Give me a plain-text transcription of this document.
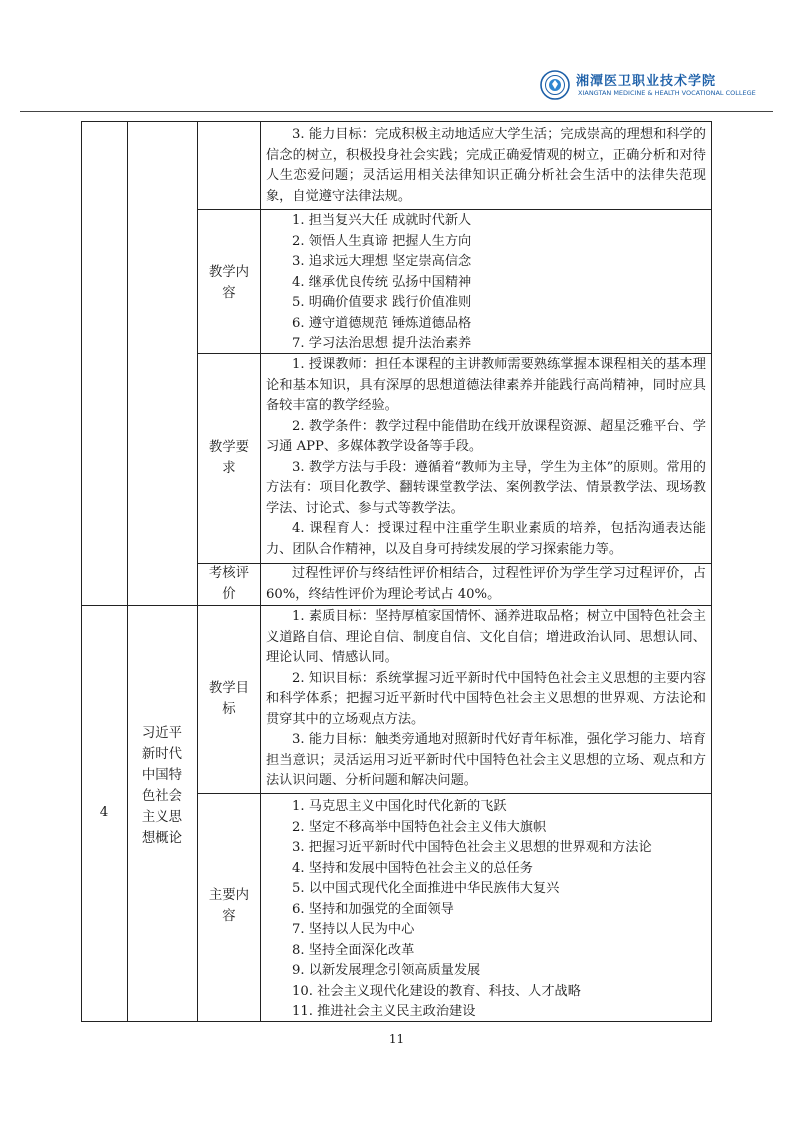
湘潭医卫职业技术学院
XIANGTAN MEDICINE & HEALTH VOCATIONAL COLLEGE
3. 能力目标：完成积极主动地适应大学生活；完成崇高的理想和科学的信念的树立，积极投身社会实践；完成正确爱情观的树立，正确分析和对待人生恋爱问题；灵活运用相关法律知识正确分析社会生活中的法律失范现象，自觉遵守法律法规。
教学内容
1. 担当复兴大任 成就时代新人
2. 领悟人生真谛 把握人生方向
3. 追求远大理想 坚定崇高信念
4. 继承优良传统 弘扬中国精神
5. 明确价值要求 践行价值准则
6. 遵守道德规范 锤炼道德品格
7. 学习法治思想 提升法治素养
教学要求
1. 授课教师：担任本课程的主讲教师需要熟练掌握本课程相关的基本理论和基本知识，具有深厚的思想道德法律素养并能践行高尚精神，同时应具备较丰富的教学经验。
2. 教学条件：教学过程中能借助在线开放课程资源、超星泛雅平台、学习通 APP、多媒体教学设备等手段。
3. 教学方法与手段：遵循着“教师为主导，学生为主体”的原则。常用的方法有：项目化教学、翻转课堂教学法、案例教学法、情景教学法、现场教学法、讨论式、参与式等教学法。
4. 课程育人：授课过程中注重学生职业素质的培养，包括沟通表达能力、团队合作精神，以及自身可持续发展的学习探索能力等。
考核评价
过程性评价与终结性评价相结合，过程性评价为学生学习过程评价，占 60%，终结性评价为理论考试占 40%。
4
习近平新时代中国特色社会主义思想概论
教学目标
1. 素质目标：坚持厚植家国情怀、涵养进取品格；树立中国特色社会主义道路自信、理论自信、制度自信、文化自信；增进政治认同、思想认同、理论认同、情感认同。
2. 知识目标：系统掌握习近平新时代中国特色社会主义思想的主要内容和科学体系；把握习近平新时代中国特色社会主义思想的世界观、方法论和贯穿其中的立场观点方法。
3. 能力目标：触类旁通地对照新时代好青年标准，强化学习能力、培育担当意识；灵活运用习近平新时代中国特色社会主义思想的立场、观点和方法认识问题、分析问题和解决问题。
主要内容
1. 马克思主义中国化时代化新的飞跃
2. 坚定不移高举中国特色社会主义伟大旗帜
3. 把握习近平新时代中国特色社会主义思想的世界观和方法论
4. 坚持和发展中国特色社会主义的总任务
5. 以中国式现代化全面推进中华民族伟大复兴
6. 坚持和加强党的全面领导
7. 坚持以人民为中心
8. 坚持全面深化改革
9. 以新发展理念引领高质量发展
10. 社会主义现代化建设的教育、科技、人才战略
11. 推进社会主义民主政治建设
11
